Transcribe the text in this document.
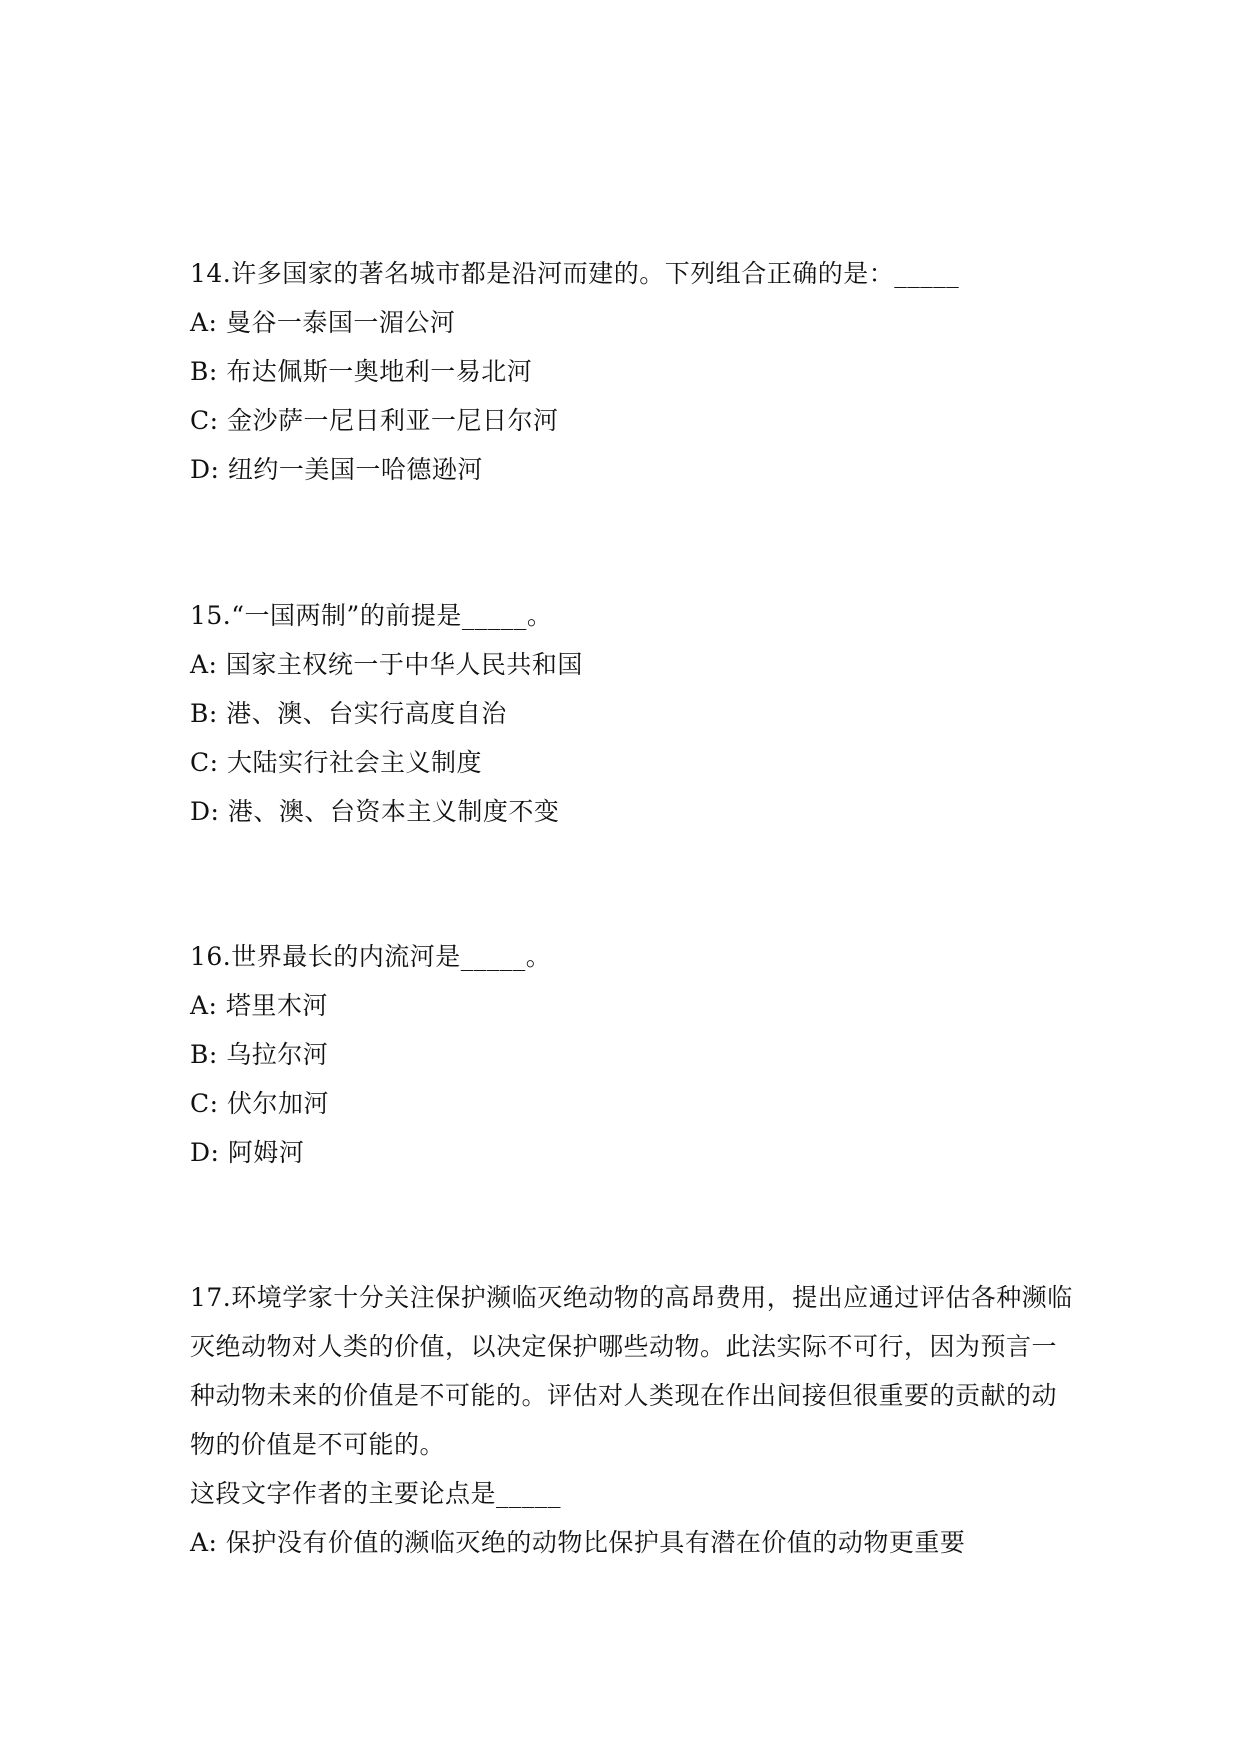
14.许多国家的著名城市都是沿河而建的。下列组合正确的是：_____
A: 曼谷一泰国一湄公河
B: 布达佩斯一奥地利一易北河
C: 金沙萨一尼日利亚一尼日尔河
D: 纽约一美国一哈德逊河
15.“一国两制”的前提是_____。
A: 国家主权统一于中华人民共和国
B: 港、澳、台实行高度自治
C: 大陆实行社会主义制度
D: 港、澳、台资本主义制度不变
16.世界最长的内流河是_____。
A: 塔里木河
B: 乌拉尔河
C: 伏尔加河
D: 阿姆河
17.环境学家十分关注保护濒临灭绝动物的高昂费用，提出应通过评估各种濒临
灭绝动物对人类的价值，以决定保护哪些动物。此法实际不可行，因为预言一
种动物未来的价值是不可能的。评估对人类现在作出间接但很重要的贡献的动
物的价值是不可能的。
这段文字作者的主要论点是_____
A: 保护没有价值的濒临灭绝的动物比保护具有潜在价值的动物更重要
